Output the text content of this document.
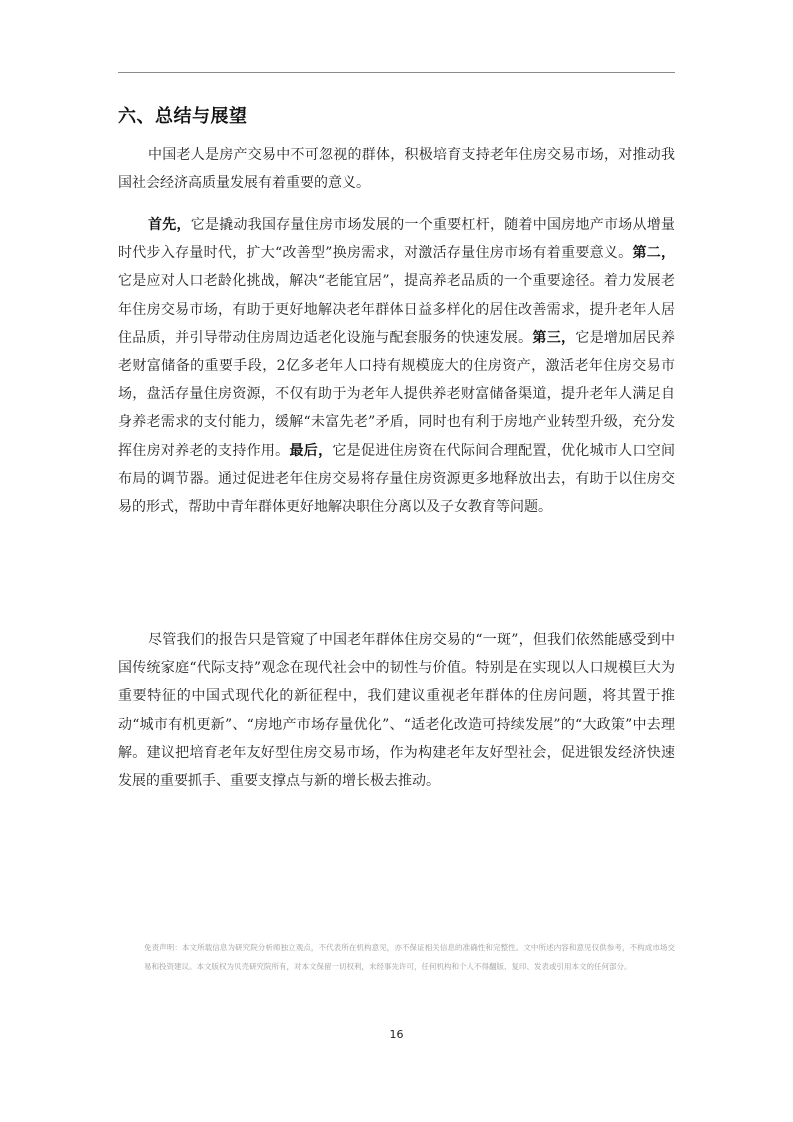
六、总结与展望

中国老人是房产交易中不可忽视的群体，积极培育支持老年住房交易市场，对推动我国社会经济高质量发展有着重要的意义。

首先，它是撬动我国存量住房市场发展的一个重要杠杆，随着中国房地产市场从增量时代步入存量时代，扩大“改善型”换房需求，对激活存量住房市场有着重要意义。第二，它是应对人口老龄化挑战，解决“老能宜居”，提高养老品质的一个重要途径。着力发展老年住房交易市场，有助于更好地解决老年群体日益多样化的居住改善需求，提升老年人居住品质，并引导带动住房周边适老化设施与配套服务的快速发展。第三，它是增加居民养老财富储备的重要手段，2亿多老年人口持有规模庞大的住房资产，激活老年住房交易市场，盘活存量住房资源，不仅有助于为老年人提供养老财富储备渠道，提升老年人满足自身养老需求的支付能力，缓解“未富先老”矛盾，同时也有利于房地产业转型升级，充分发挥住房对养老的支持作用。最后，它是促进住房资在代际间合理配置，优化城市人口空间布局的调节器。通过促进老年住房交易将存量住房资源更多地释放出去，有助于以住房交易的形式，帮助中青年群体更好地解决职住分离以及子女教育等问题。

尽管我们的报告只是管窥了中国老年群体住房交易的“一斑”，但我们依然能感受到中国传统家庭“代际支持”观念在现代社会中的韧性与价值。特别是在实现以人口规模巨大为重要特征的中国式现代化的新征程中，我们建议重视老年群体的住房问题，将其置于推动“城市有机更新”、“房地产市场存量优化”、“适老化改造可持续发展”的“大政策”中去理解。建议把培育老年友好型住房交易市场，作为构建老年友好型社会，促进银发经济快速发展的重要抓手、重要支撑点与新的增长极去推动。

免责声明：本文所载信息为研究院分析师独立观点，不代表所在机构意见，亦不保证相关信息的准确性和完整性。文中所述内容和意见仅供参考，不构成市场交易和投资建议。本文版权为贝壳研究院所有，对本文保留一切权利，未经事先许可，任何机构和个人不得翻版、复印、发表或引用本文的任何部分。

16
